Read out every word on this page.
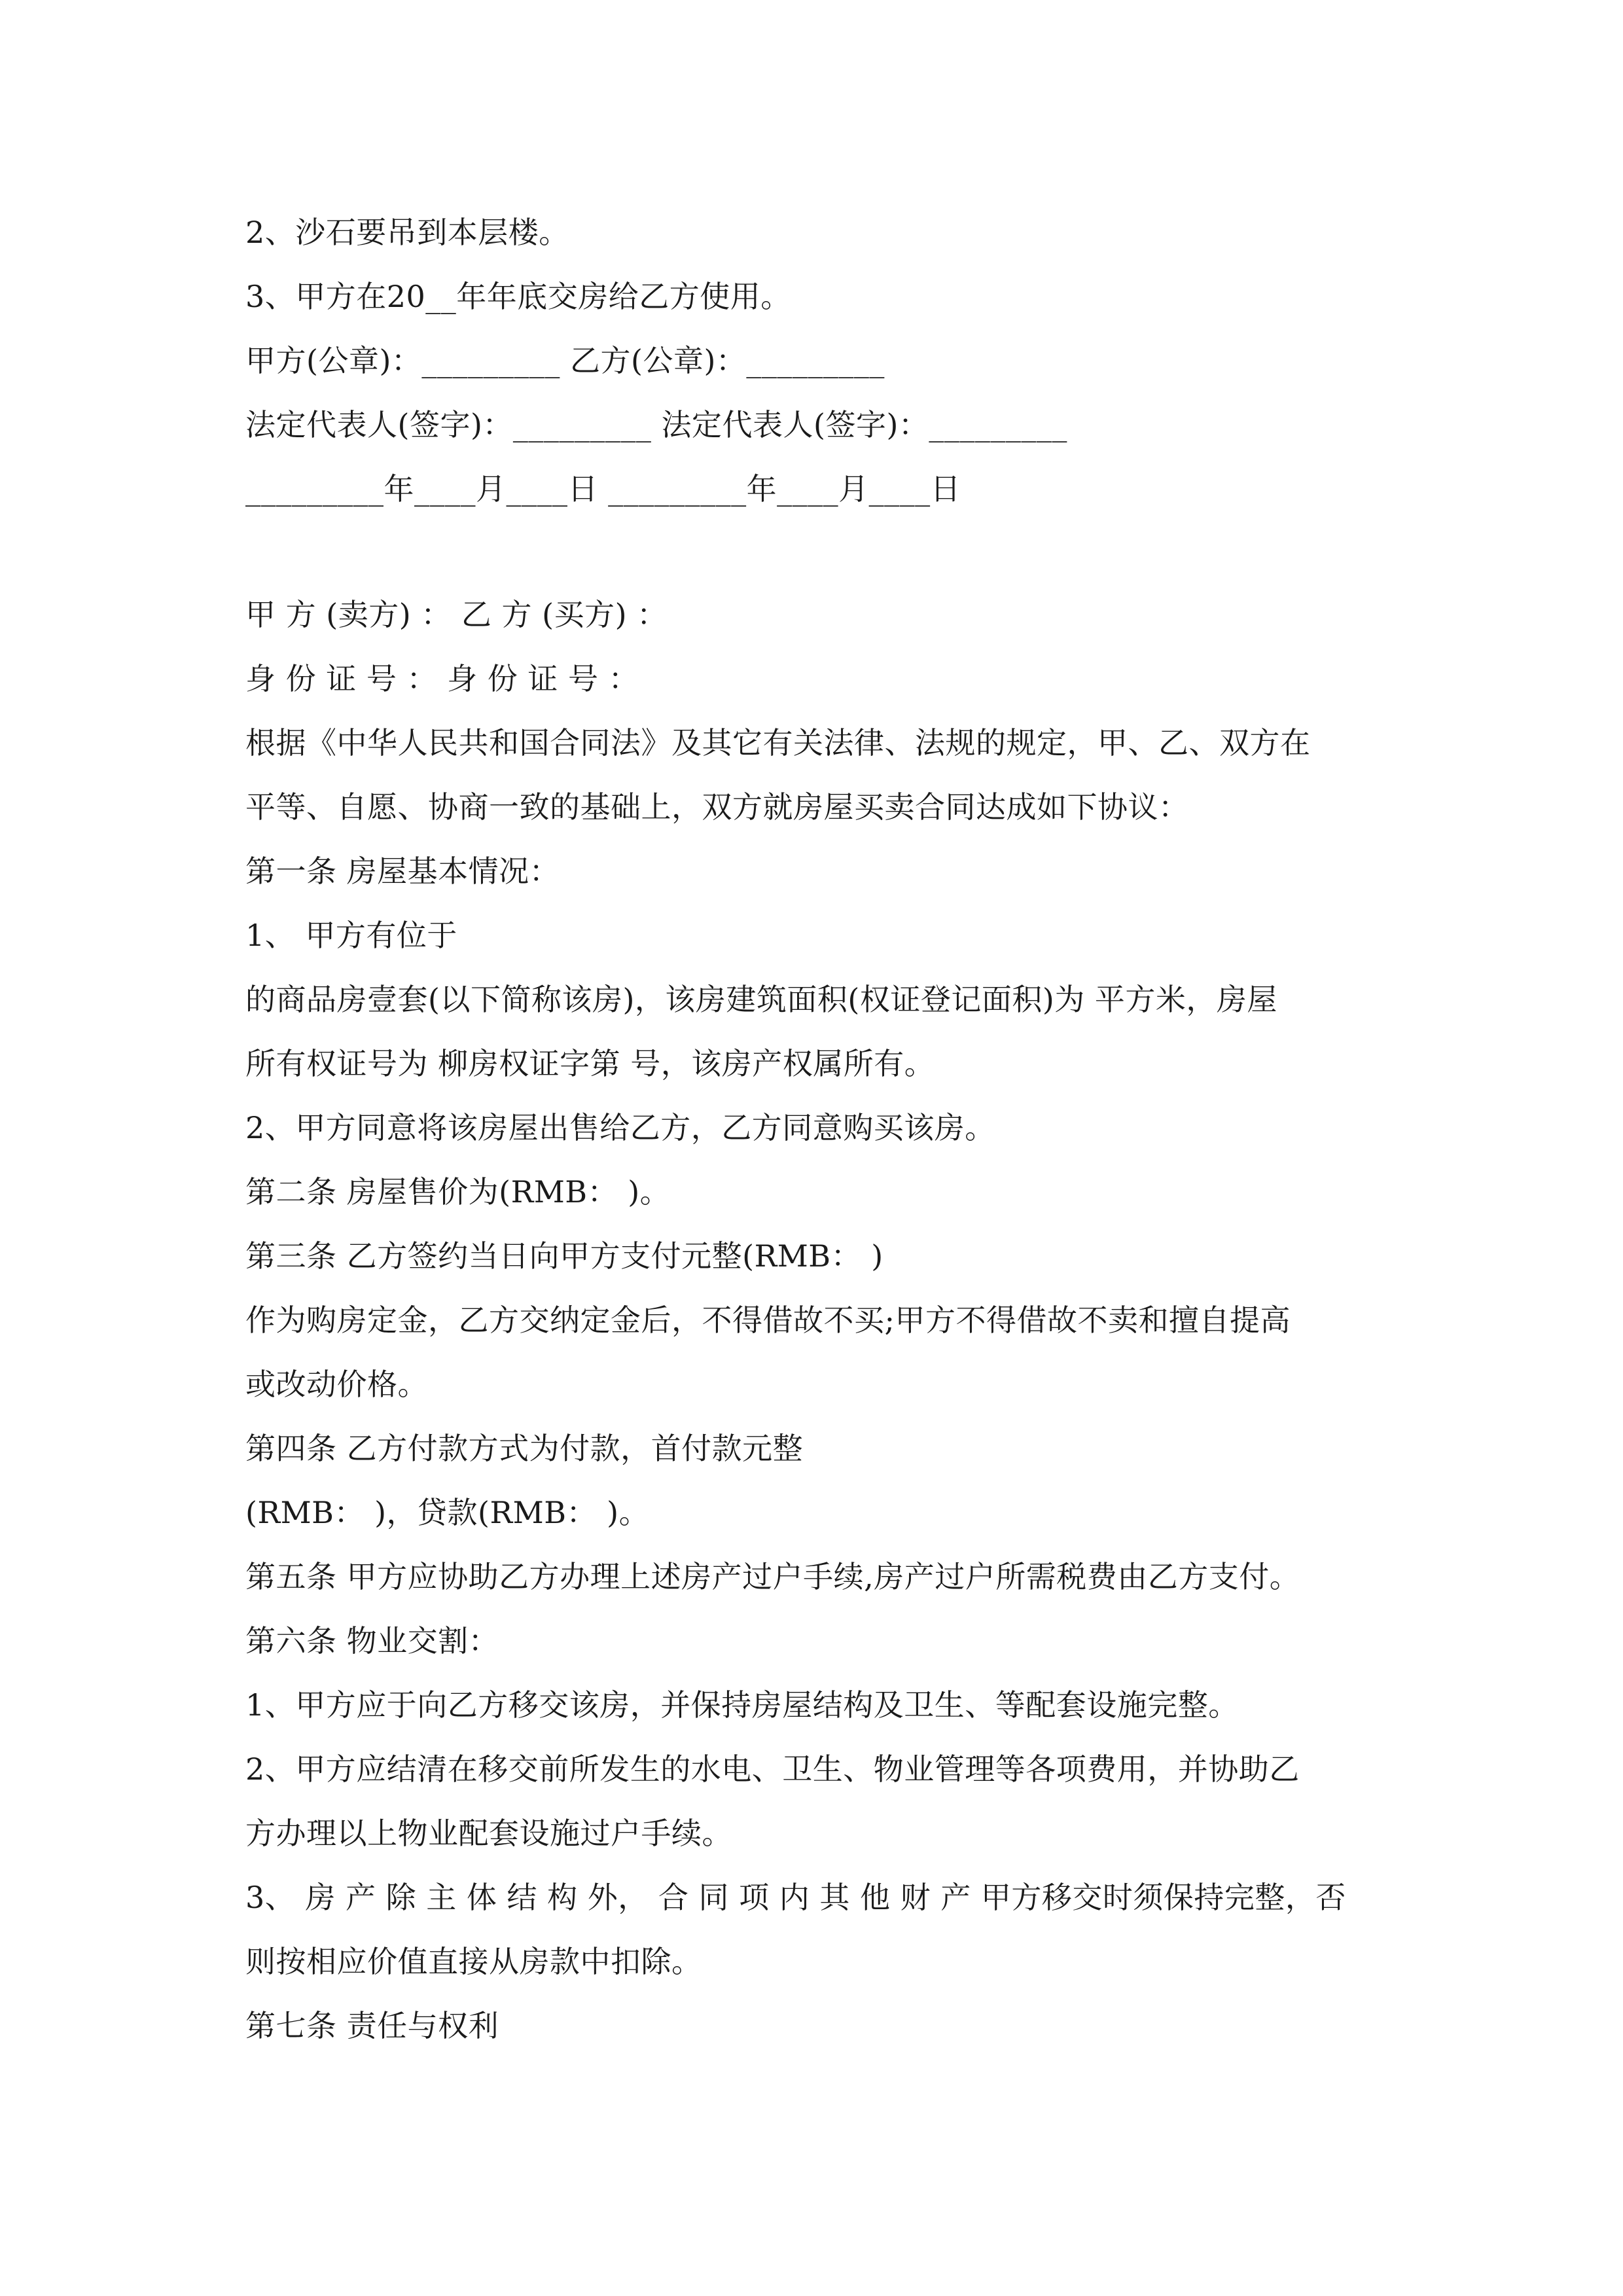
2、沙石要吊到本层楼。
3、甲方在20__年年底交房给乙方使用。
甲方(公章)：_________ 乙方(公章)：_________
法定代表人(签字)：_________ 法定代表人(签字)：_________
_________年____月____日 _________年____月____日
甲 方 (卖方) ： 乙 方 (买方) ：
身 份 证 号 ： 身 份 证 号 ：
根据《中华人民共和国合同法》及其它有关法律、法规的规定，甲、乙、双方在
平等、自愿、协商一致的基础上，双方就房屋买卖合同达成如下协议：
第一条 房屋基本情况：
1、 甲方有位于
的商品房壹套(以下简称该房)，该房建筑面积(权证登记面积)为 平方米，房屋
所有权证号为 柳房权证字第 号，该房产权属所有。
2、甲方同意将该房屋出售给乙方，乙方同意购买该房。
第二条 房屋售价为(RMB： )。
第三条 乙方签约当日向甲方支付元整(RMB： )
作为购房定金，乙方交纳定金后，不得借故不买;甲方不得借故不卖和擅自提高
或改动价格。
第四条 乙方付款方式为付款，首付款元整
(RMB： )，贷款(RMB： )。
第五条 甲方应协助乙方办理上述房产过户手续,房产过户所需税费由乙方支付。
第六条 物业交割：
1、甲方应于向乙方移交该房，并保持房屋结构及卫生、等配套设施完整。
2、甲方应结清在移交前所发生的水电、卫生、物业管理等各项费用，并协助乙
方办理以上物业配套设施过户手续。
3、 房 产 除 主 体 结 构 外， 合 同 项 内 其 他 财 产 甲方移交时须保持完整，否
则按相应价值直接从房款中扣除。
第七条 责任与权利
